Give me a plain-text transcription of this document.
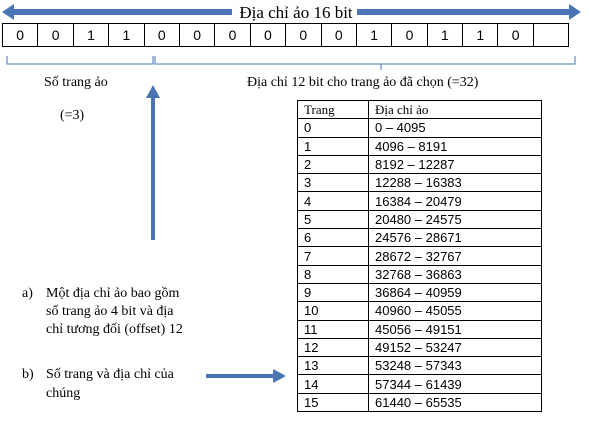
Địa chỉ ảo 16 bit
0	0	1	1	0	0	0	0	0	0	1	0	1	1	0	
Số trang ảo
(=3)
Địa chỉ 12 bit cho trang ảo đã chọn (=32)
Trang	Địa chỉ ảo
0	0 – 4095
1	4096 – 8191
2	8192 – 12287
3	12288 – 16383
4	16384 – 20479
5	20480 – 24575
6	24576 – 28671
7	28672 – 32767
8	32768 – 36863
9	36864 – 40959
10	40960 – 45055
11	45056 – 49151
12	49152 – 53247
13	53248 – 57343
14	57344 – 61439
15	61440 – 65535
a) Một địa chỉ ảo bao gồm
số trang ảo 4 bit và địa
chỉ tương đối (offset) 12
b) Số trang và địa chỉ của
chúng
